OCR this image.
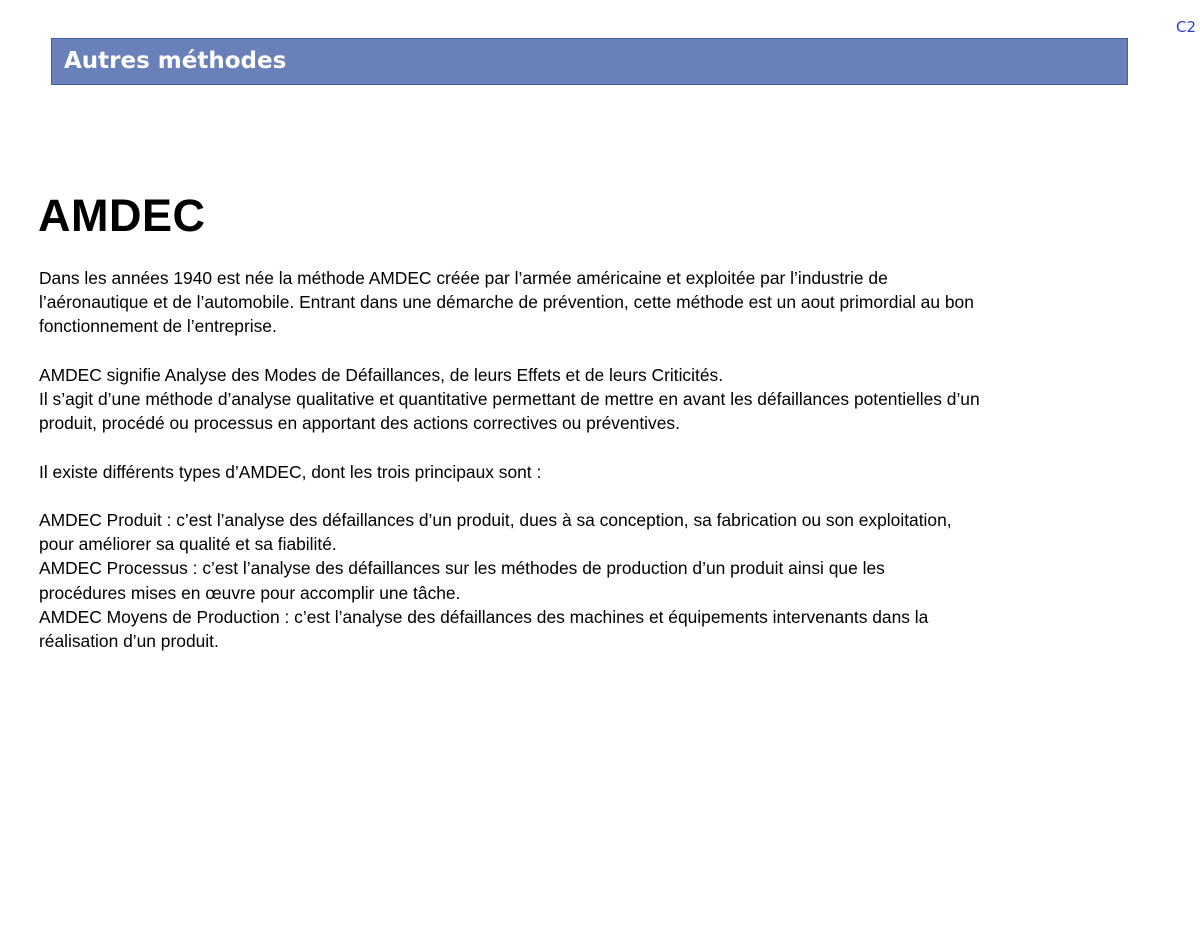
C2
Autres méthodes
AMDEC

Dans les années 1940 est née la méthode AMDEC créée par l’armée américaine et exploitée par l’industrie de

l’aéronautique et de l’automobile. Entrant dans une démarche de prévention, cette méthode est un aout primordial au bon

fonctionnement de l’entreprise.

AMDEC signifie Analyse des Modes de Défaillances, de leurs Effets et de leurs Criticités.

Il s’agit d’une méthode d’analyse qualitative et quantitative permettant de mettre en avant les défaillances potentielles d’un

produit, procédé ou processus en apportant des actions correctives ou préventives.

Il existe différents types d’AMDEC, dont les trois principaux sont :

AMDEC Produit : c’est l’analyse des défaillances d’un produit, dues à sa conception, sa fabrication ou son exploitation,

pour améliorer sa qualité et sa fiabilité.

AMDEC Processus : c’est l’analyse des défaillances sur les méthodes de production d’un produit ainsi que les

procédures mises en œuvre pour accomplir une tâche.

AMDEC Moyens de Production : c’est l’analyse des défaillances des machines et équipements intervenants dans la

réalisation d’un produit.
